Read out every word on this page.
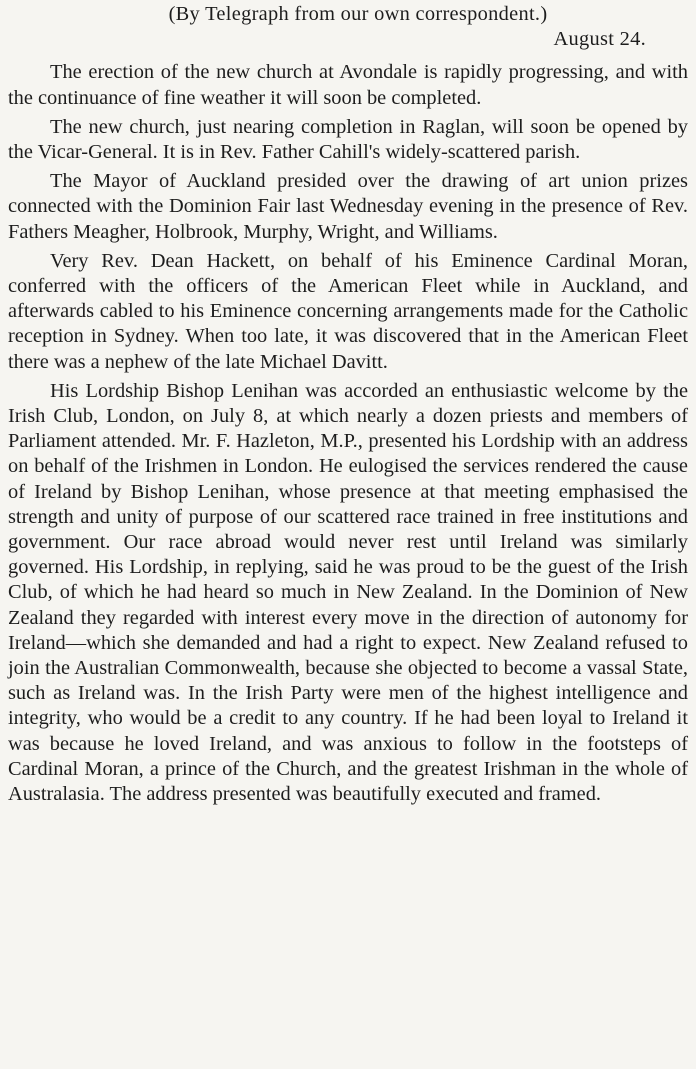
(By Telegraph from our own correspondent.)

August 24.

The erection of the new church at Avondale is rapidly progressing, and with the continuance of fine weather it will soon be completed.

The new church, just nearing completion in Raglan, will soon be opened by the Vicar-General. It is in Rev. Father Cahill's widely-scattered parish.

The Mayor of Auckland presided over the drawing of art union prizes connected with the Dominion Fair last Wednesday evening in the presence of Rev. Fathers Meagher, Holbrook, Murphy, Wright, and Williams.

Very Rev. Dean Hackett, on behalf of his Eminence Cardinal Moran, conferred with the officers of the American Fleet while in Auckland, and afterwards cabled to his Eminence concerning arrangements made for the Catholic reception in Sydney. When too late, it was discovered that in the American Fleet there was a nephew of the late Michael Davitt.

His Lordship Bishop Lenihan was accorded an enthusiastic welcome by the Irish Club, London, on July 8, at which nearly a dozen priests and members of Parliament attended. Mr. F. Hazleton, M.P., presented his Lordship with an address on behalf of the Irishmen in London. He eulogised the services rendered the cause of Ireland by Bishop Lenihan, whose presence at that meeting emphasised the strength and unity of purpose of our scattered race trained in free institutions and government. Our race abroad would never rest until Ireland was similarly governed. His Lordship, in replying, said he was proud to be the guest of the Irish Club, of which he had heard so much in New Zealand. In the Dominion of New Zealand they regarded with interest every move in the direction of autonomy for Ireland—which she demanded and had a right to expect. New Zealand refused to join the Australian Commonwealth, because she objected to become a vassal State, such as Ireland was. In the Irish Party were men of the highest intelligence and integrity, who would be a credit to any country. If he had been loyal to Ireland it was because he loved Ireland, and was anxious to follow in the footsteps of Cardinal Moran, a prince of the Church, and the greatest Irishman in the whole of Australasia. The address presented was beautifully executed and framed.
